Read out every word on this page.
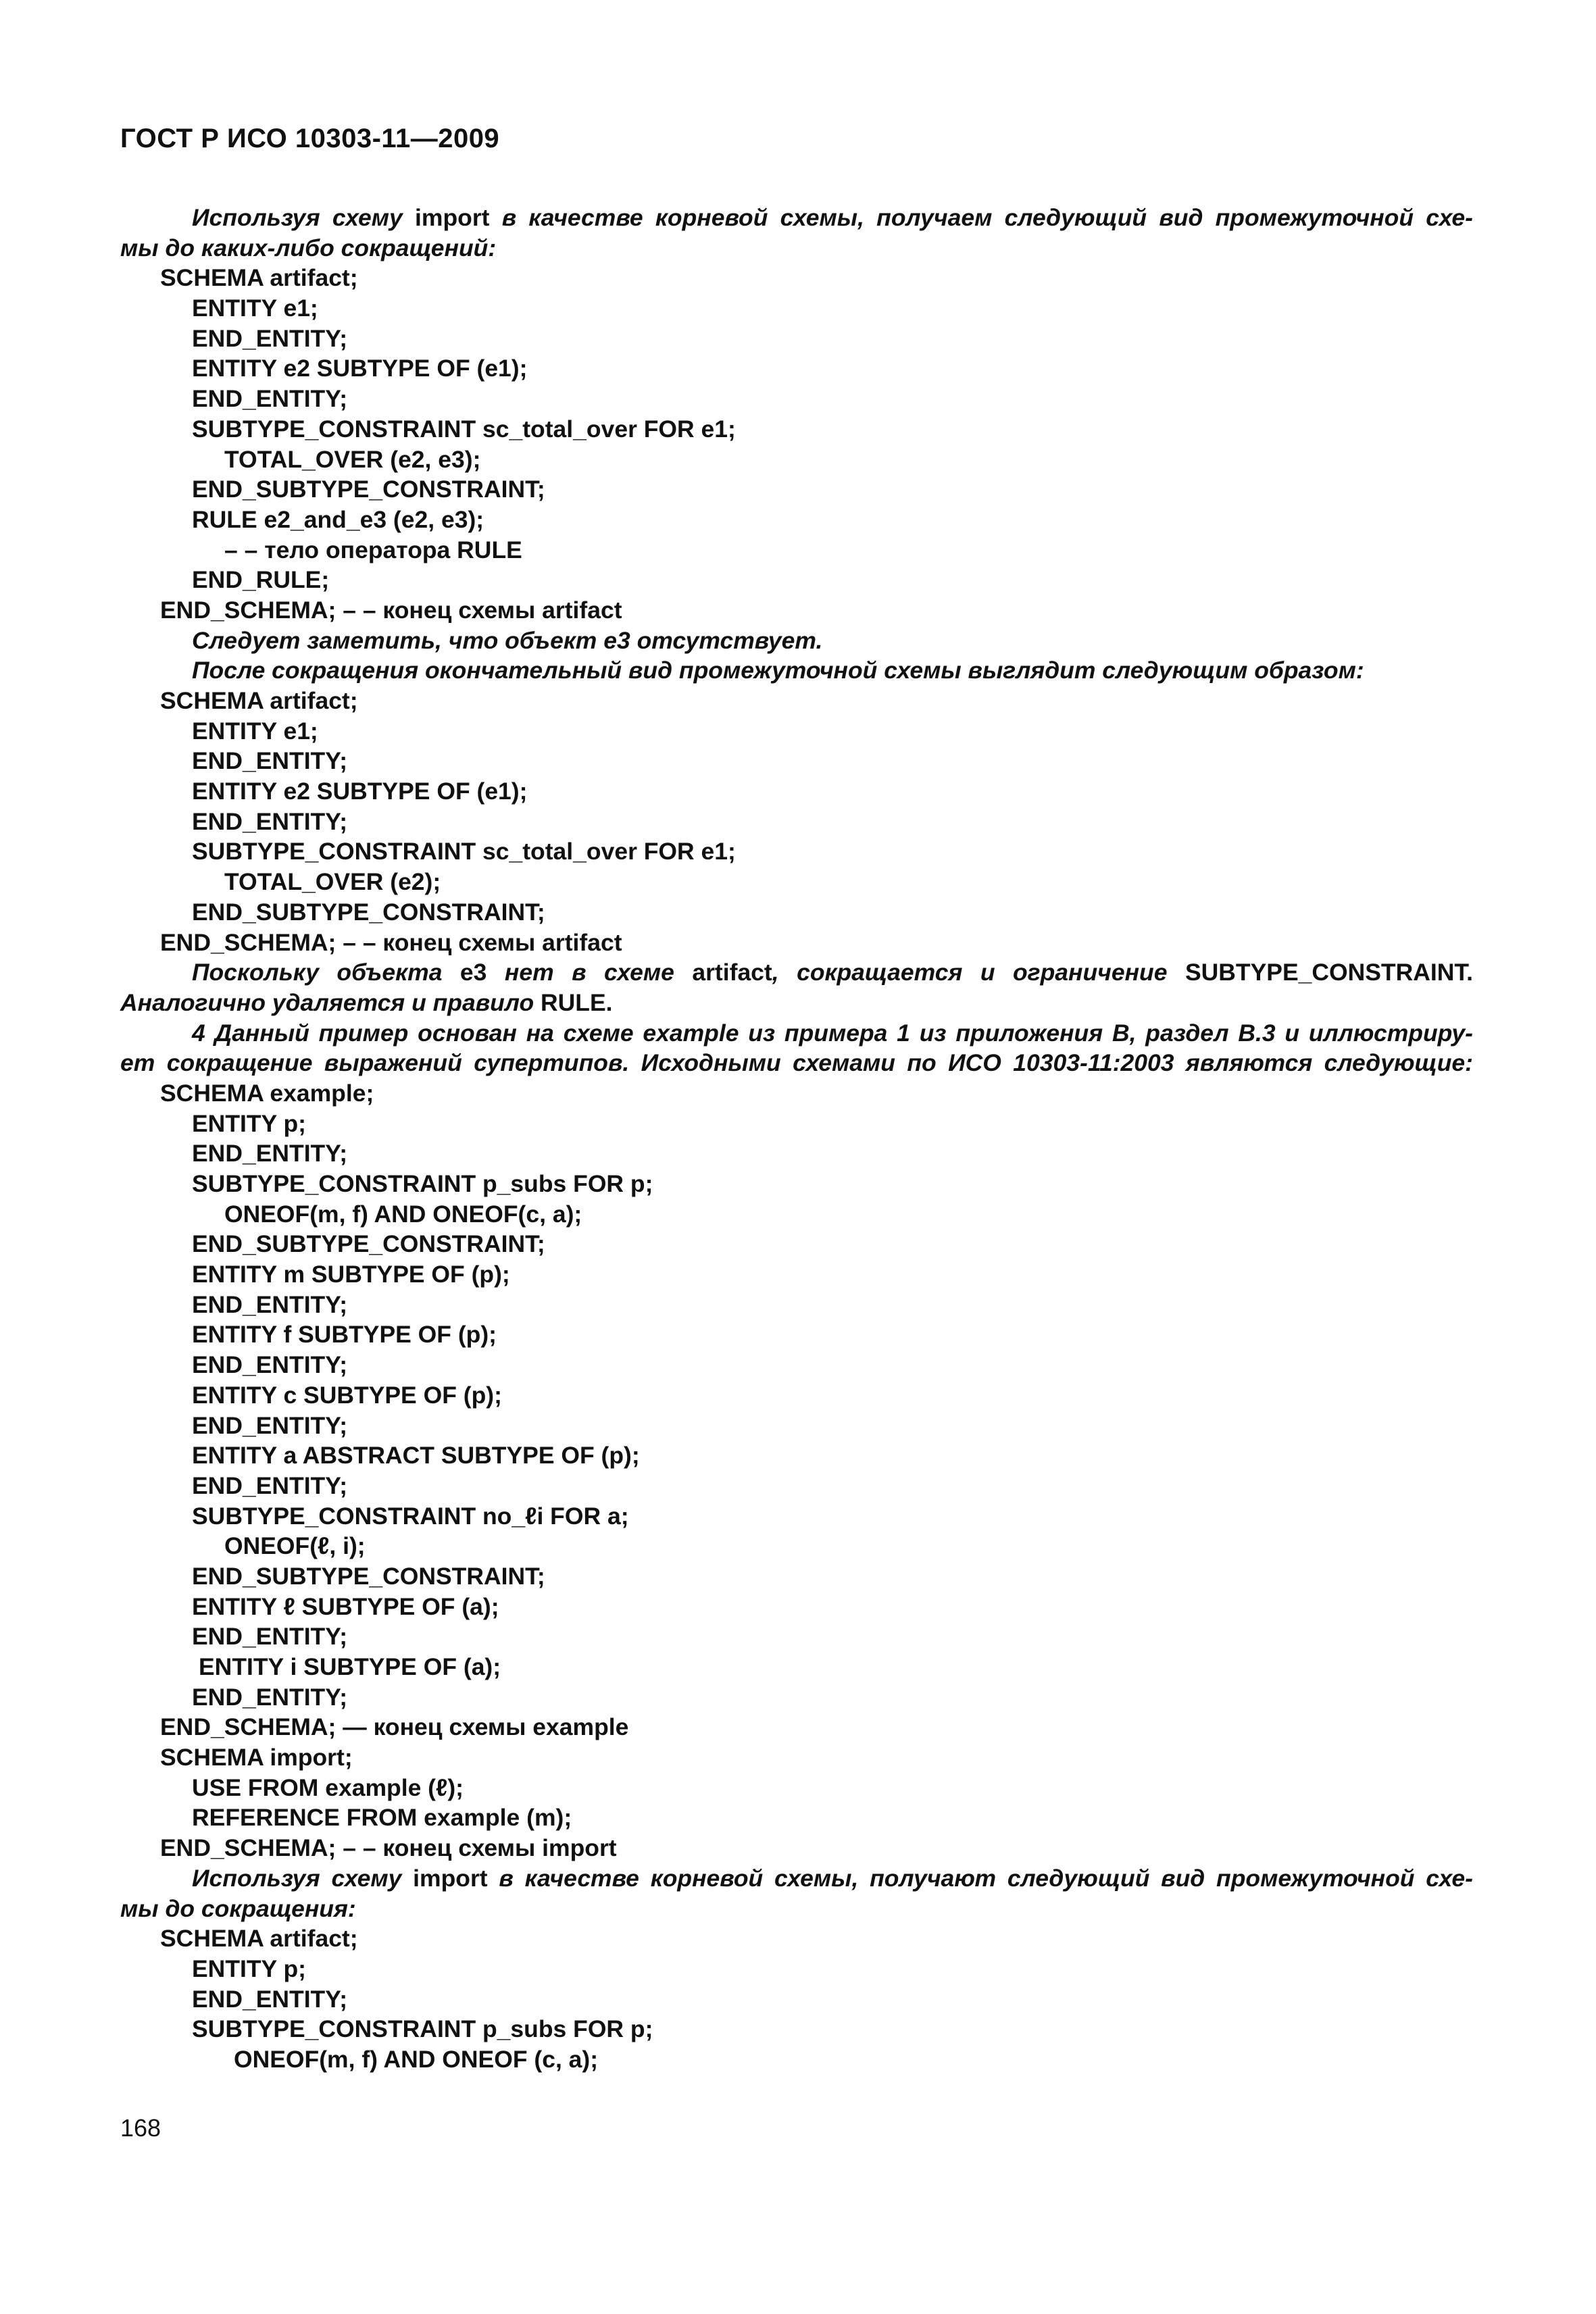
ГОСТ Р ИСО 10303-11—2009
Используя схему import в качестве корневой схемы, получаем следующий вид промежуточной схе-
мы до каких-либо сокращений:
SCHEMA artifact;
ENTITY e1;
END_ENTITY;
ENTITY e2 SUBTYPE OF (e1);
END_ENTITY;
SUBTYPE_CONSTRAINT sc_total_over FOR e1;
TOTAL_OVER (e2, e3);
END_SUBTYPE_CONSTRAINT;
RULE e2_and_e3 (e2, e3);
– – тело оператора RULE
END_RULE;
END_SCHEMA; – – конец схемы artifact
Следует заметить, что объект e3 отсутствует.
После сокращения окончательный вид промежуточной схемы выглядит следующим образом:
SCHEMA artifact;
ENTITY e1;
END_ENTITY;
ENTITY e2 SUBTYPE OF (e1);
END_ENTITY;
SUBTYPE_CONSTRAINT sc_total_over FOR e1;
TOTAL_OVER (e2);
END_SUBTYPE_CONSTRAINT;
END_SCHEMA; – – конец схемы artifact
Поскольку объекта e3 нет в схеме artifact, сокращается и ограничение SUBTYPE_CONSTRAINT.
Аналогично удаляется и правило RULE.
4 Данный пример основан на схеме example из примера 1 из приложения B, раздел B.3 и иллюстриру-
ет сокращение выражений супертипов. Исходными схемами по ИСО 10303-11:2003 являются следующие:
SCHEMA example;
ENTITY p;
END_ENTITY;
SUBTYPE_CONSTRAINT p_subs FOR p;
ONEOF(m, f) AND ONEOF(c, a);
END_SUBTYPE_CONSTRAINT;
ENTITY m SUBTYPE OF (p);
END_ENTITY;
ENTITY f SUBTYPE OF (p);
END_ENTITY;
ENTITY c SUBTYPE OF (p);
END_ENTITY;
ENTITY a ABSTRACT SUBTYPE OF (p);
END_ENTITY;
SUBTYPE_CONSTRAINT no_ℓi FOR a;
ONEOF(ℓ, i);
END_SUBTYPE_CONSTRAINT;
ENTITY ℓ SUBTYPE OF (a);
END_ENTITY;
ENTITY i SUBTYPE OF (a);
END_ENTITY;
END_SCHEMA; — конец схемы example
SCHEMA import;
USE FROM example (ℓ);
REFERENCE FROM example (m);
END_SCHEMA; – – конец схемы import
Используя схему import в качестве корневой схемы, получают следующий вид промежуточной схе-
мы до сокращения:
SCHEMA artifact;
ENTITY p;
END_ENTITY;
SUBTYPE_CONSTRAINT p_subs FOR p;
ONEOF(m, f) AND ONEOF (c, a);
168
